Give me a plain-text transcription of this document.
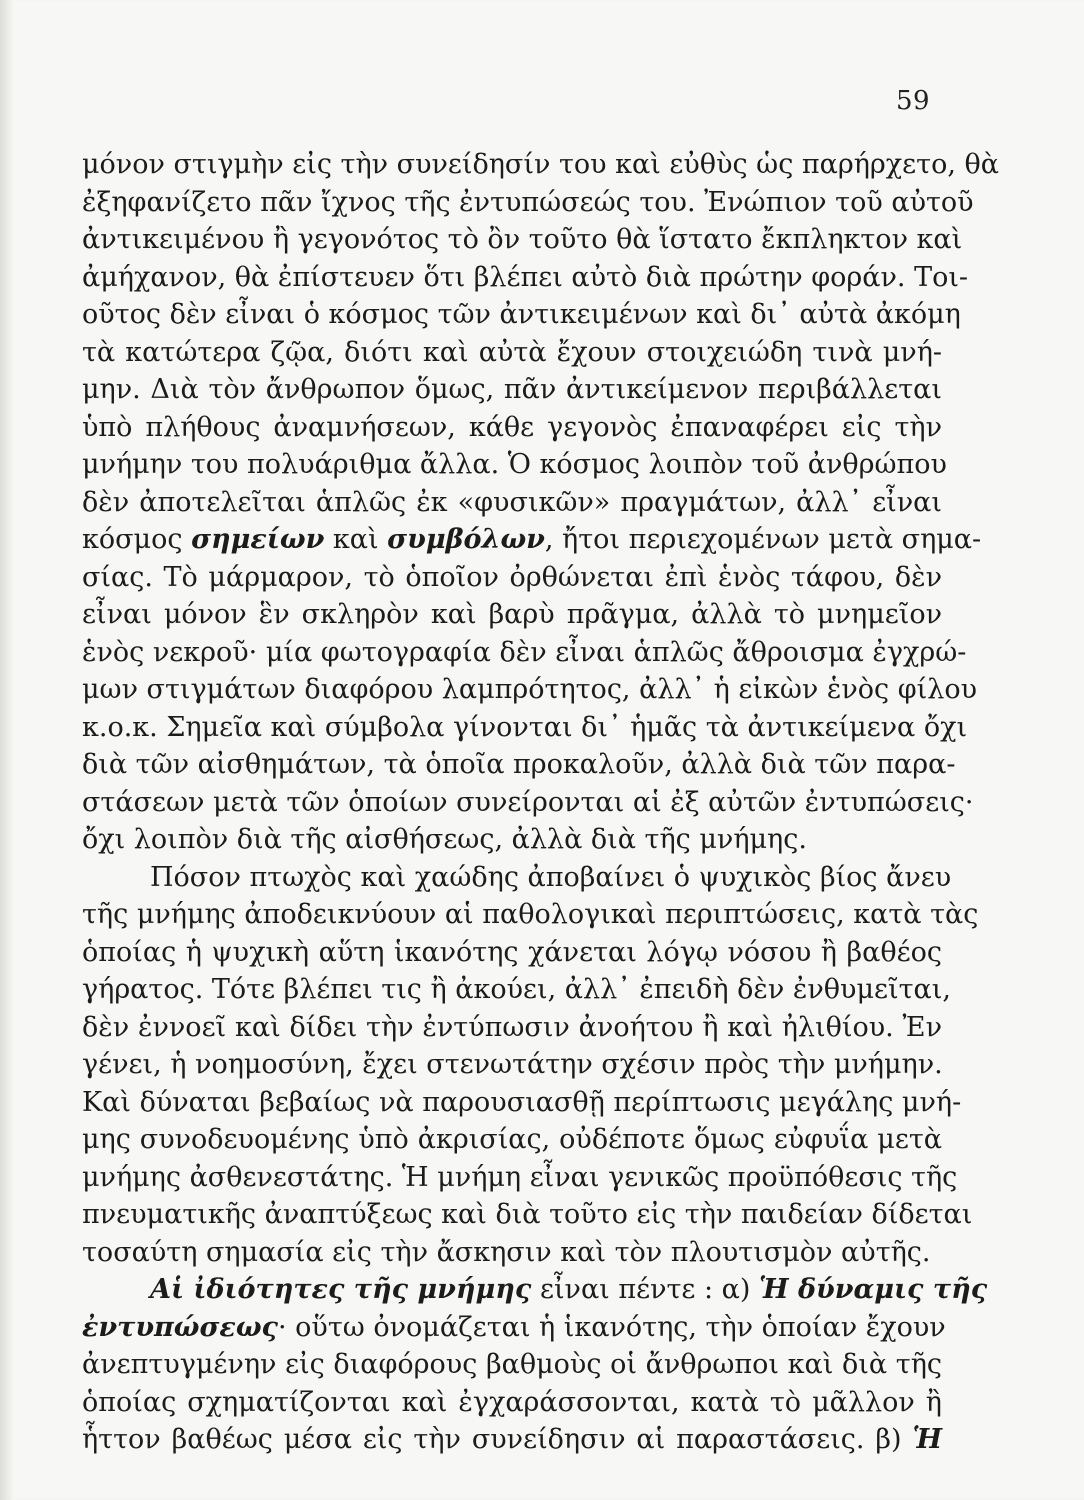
59
μόνον στιγμὴν εἰς τὴν συνείδησίν του καὶ εὐθὺς ὡς παρήρχετο, θὰ
ἐξηφανίζετο πᾶν ἴχνος τῆς ἐντυπώσεώς του. Ἐνώπιον τοῦ αὐτοῦ
ἀντικειμένου ἢ γεγονότος τὸ ὂν τοῦτο θὰ ἵστατο ἔκπληκτον καὶ
ἀμήχανον, θὰ ἐπίστευεν ὅτι βλέπει αὐτὸ διὰ πρώτην φοράν. Τοι-
οῦτος δὲν εἶναι ὁ κόσμος τῶν ἀντικειμένων καὶ δι᾽ αὐτὰ ἀκόμη
τὰ κατώτερα ζῷα, διότι καὶ αὐτὰ ἔχουν στοιχειώδη τινὰ μνή-
μην. Διὰ τὸν ἄνθρωπον ὅμως, πᾶν ἀντικείμενον περιβάλλεται
ὑπὸ πλήθους ἀναμνήσεων, κάθε γεγονὸς ἐπαναφέρει εἰς τὴν
μνήμην του πολυάριθμα ἄλλα. Ὁ κόσμος λοιπὸν τοῦ ἀνθρώπου
δὲν ἀποτελεῖται ἁπλῶς ἐκ «φυσικῶν» πραγμάτων, ἀλλ᾽ εἶναι
κόσμος σημείων καὶ συμβόλων, ἤτοι περιεχομένων μετὰ σημα-
σίας. Τὸ μάρμαρον, τὸ ὁποῖον ὀρθώνεται ἐπὶ ἑνὸς τάφου, δὲν
εἶναι μόνον ἓν σκληρὸν καὶ βαρὺ πρᾶγμα, ἀλλὰ τὸ μνημεῖον
ἑνὸς νεκροῦ· μία φωτογραφία δὲν εἶναι ἁπλῶς ἄθροισμα ἐγχρώ-
μων στιγμάτων διαφόρου λαμπρότητος, ἀλλ᾽ ἡ εἰκὼν ἑνὸς φίλου
κ.ο.κ. Σημεῖα καὶ σύμβολα γίνονται δι᾽ ἡμᾶς τὰ ἀντικείμενα ὄχι
διὰ τῶν αἰσθημάτων, τὰ ὁποῖα προκαλοῦν, ἀλλὰ διὰ τῶν παρα-
στάσεων μετὰ τῶν ὁποίων συνείρονται αἱ ἐξ αὐτῶν ἐντυπώσεις·
ὄχι λοιπὸν διὰ τῆς αἰσθήσεως, ἀλλὰ διὰ τῆς μνήμης.
Πόσον πτωχὸς καὶ χαώδης ἀποβαίνει ὁ ψυχικὸς βίος ἄνευ
τῆς μνήμης ἀποδεικνύουν αἱ παθολογικαὶ περιπτώσεις, κατὰ τὰς
ὁποίας ἡ ψυχικὴ αὕτη ἱκανότης χάνεται λόγῳ νόσου ἢ βαθέος
γήρατος. Τότε βλέπει τις ἢ ἀκούει, ἀλλ᾽ ἐπειδὴ δὲν ἐνθυμεῖται,
δὲν ἐννοεῖ καὶ δίδει τὴν ἐντύπωσιν ἀνοήτου ἢ καὶ ἠλιθίου. Ἐν
γένει, ἡ νοημοσύνη, ἔχει στενωτάτην σχέσιν πρὸς τὴν μνήμην.
Καὶ δύναται βεβαίως νὰ παρουσιασθῇ περίπτωσις μεγάλης μνή-
μης συνοδευομένης ὑπὸ ἀκρισίας, οὐδέποτε ὅμως εὐφυΐα μετὰ
μνήμης ἀσθενεστάτης. Ἡ μνήμη εἶναι γενικῶς προϋπόθεσις τῆς
πνευματικῆς ἀναπτύξεως καὶ διὰ τοῦτο εἰς τὴν παιδείαν δίδεται
τοσαύτη σημασία εἰς τὴν ἄσκησιν καὶ τὸν πλουτισμὸν αὐτῆς.
Αἱ ἰδιότητες τῆς μνήμης εἶναι πέντε : α) Ἡ δύναμις τῆς
ἐντυπώσεως· οὕτω ὀνομάζεται ἡ ἱκανότης, τὴν ὁποίαν ἔχουν
ἀνεπτυγμένην εἰς διαφόρους βαθμοὺς οἱ ἄνθρωποι καὶ διὰ τῆς
ὁποίας σχηματίζονται καὶ ἐγχαράσσονται, κατὰ τὸ μᾶλλον ἢ
ἧττον βαθέως μέσα εἰς τὴν συνείδησιν αἱ παραστάσεις. β) Ἡ
